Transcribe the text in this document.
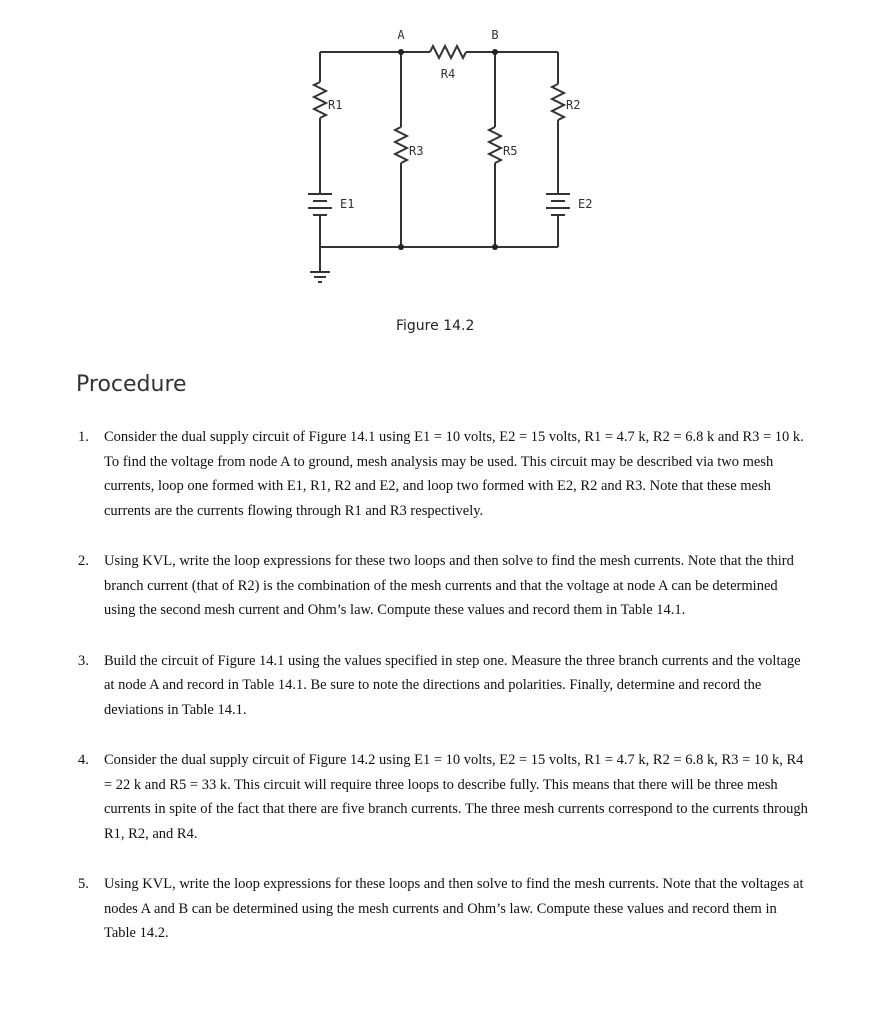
A	B
R4
R1	R2
R3	R5
E1	E2
Figure 14.2
Procedure
1. Consider the dual supply circuit of Figure 14.1 using E1 = 10 volts, E2 = 15 volts, R1 = 4.7 k, R2 = 6.8 k and R3 = 10 k. To find the voltage from node A to ground, mesh analysis may be used. This circuit may be described via two mesh currents, loop one formed with E1, R1, R2 and E2, and loop two formed with E2, R2 and R3. Note that these mesh currents are the currents flowing through R1 and R3 respectively.
2. Using KVL, write the loop expressions for these two loops and then solve to find the mesh currents. Note that the third branch current (that of R2) is the combination of the mesh currents and that the voltage at node A can be determined using the second mesh current and Ohm’s law. Compute these values and record them in Table 14.1.
3. Build the circuit of Figure 14.1 using the values specified in step one. Measure the three branch currents and the voltage at node A and record in Table 14.1. Be sure to note the directions and polarities. Finally, determine and record the deviations in Table 14.1.
4. Consider the dual supply circuit of Figure 14.2 using E1 = 10 volts, E2 = 15 volts, R1 = 4.7 k, R2 = 6.8 k, R3 = 10 k, R4 = 22 k and R5 = 33 k. This circuit will require three loops to describe fully. This means that there will be three mesh currents in spite of the fact that there are five branch currents. The three mesh currents correspond to the currents through R1, R2, and R4.
5. Using KVL, write the loop expressions for these loops and then solve to find the mesh currents. Note that the voltages at nodes A and B can be determined using the mesh currents and Ohm’s law. Compute these values and record them in Table 14.2.
